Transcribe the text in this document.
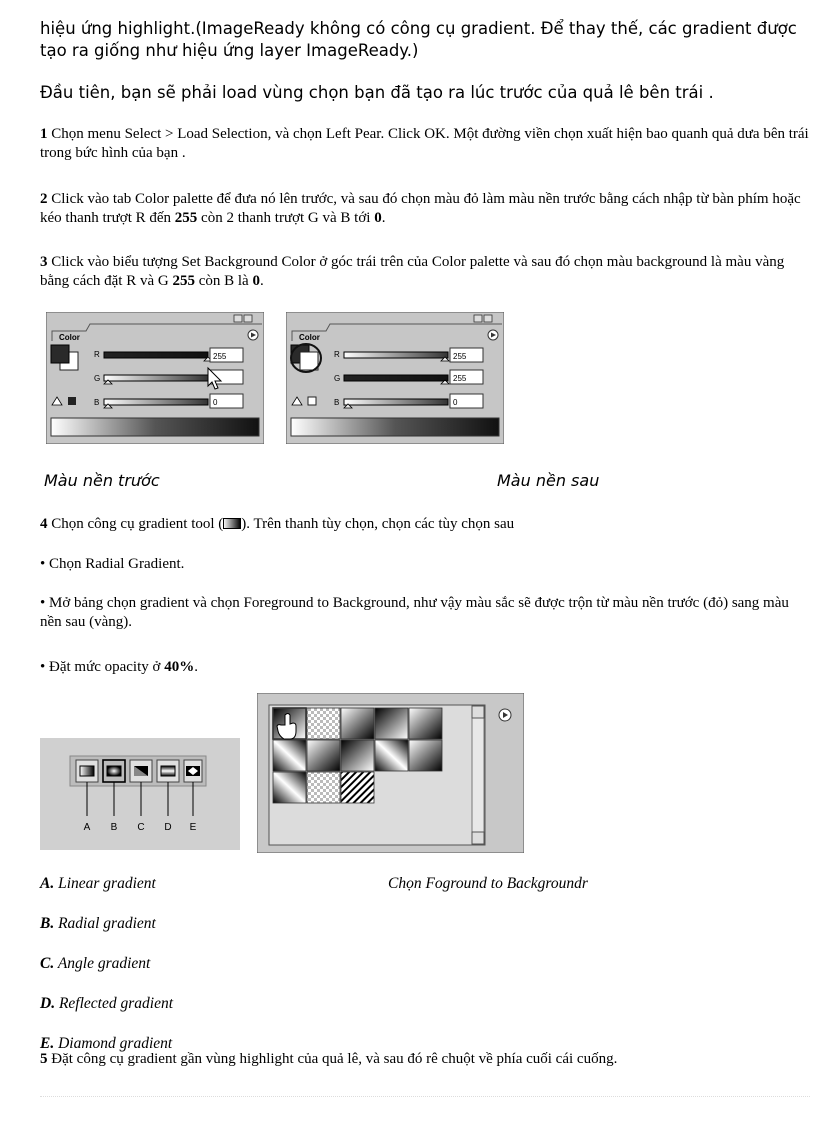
hiệu ứng highlight.(ImageReady không có công cụ gradient. Để thay thế, các gradient được tạo ra giống như hiệu ứng layer ImageReady.)
Đầu tiên, bạn sẽ phải load vùng chọn bạn đã tạo ra lúc trước của quả lê bên trái .
1 Chọn menu Select > Load Selection, và chọn Left Pear. Click OK. Một đường viền chọn xuất hiện bao quanh quả dưa bên trái trong bức hình của bạn .
2 Click vào tab Color palette để đưa nó lên trước, và sau đó chọn màu đỏ làm màu nền trước bằng cách nhập từ bàn phím hoặc kéo thanh trượt R đến 255 còn 2 thanh trượt G và B tới 0.
3 Click vào biểu tượng Set Background Color ở góc trái trên của Color palette và sau đó chọn màu background là màu vàng bằng cách đặt R và G 255 còn B là 0.
Color
R	255
G
B	0
Color
R	255
G	255
B	0
Màu nền trước	Màu nền sau
4 Chọn công cụ gradient tool ( ). Trên thanh tùy chọn, chọn các tùy chọn sau
• Chọn Radial Gradient.
• Mở bảng chọn gradient và chọn Foreground to Background, như vậy màu sắc sẽ được trộn từ màu nền trước (đỏ) sang màu nền sau (vàng).
• Đặt mức opacity ở 40%.
A B C D E
A. Linear gradient
B. Radial gradient
C. Angle gradient
D. Reflected gradient
E. Diamond gradient
Chọn Foground to Backgroundr
5 Đặt công cụ gradient gần vùng highlight của quả lê, và sau đó rê chuột về phía cuối cái cuống.
